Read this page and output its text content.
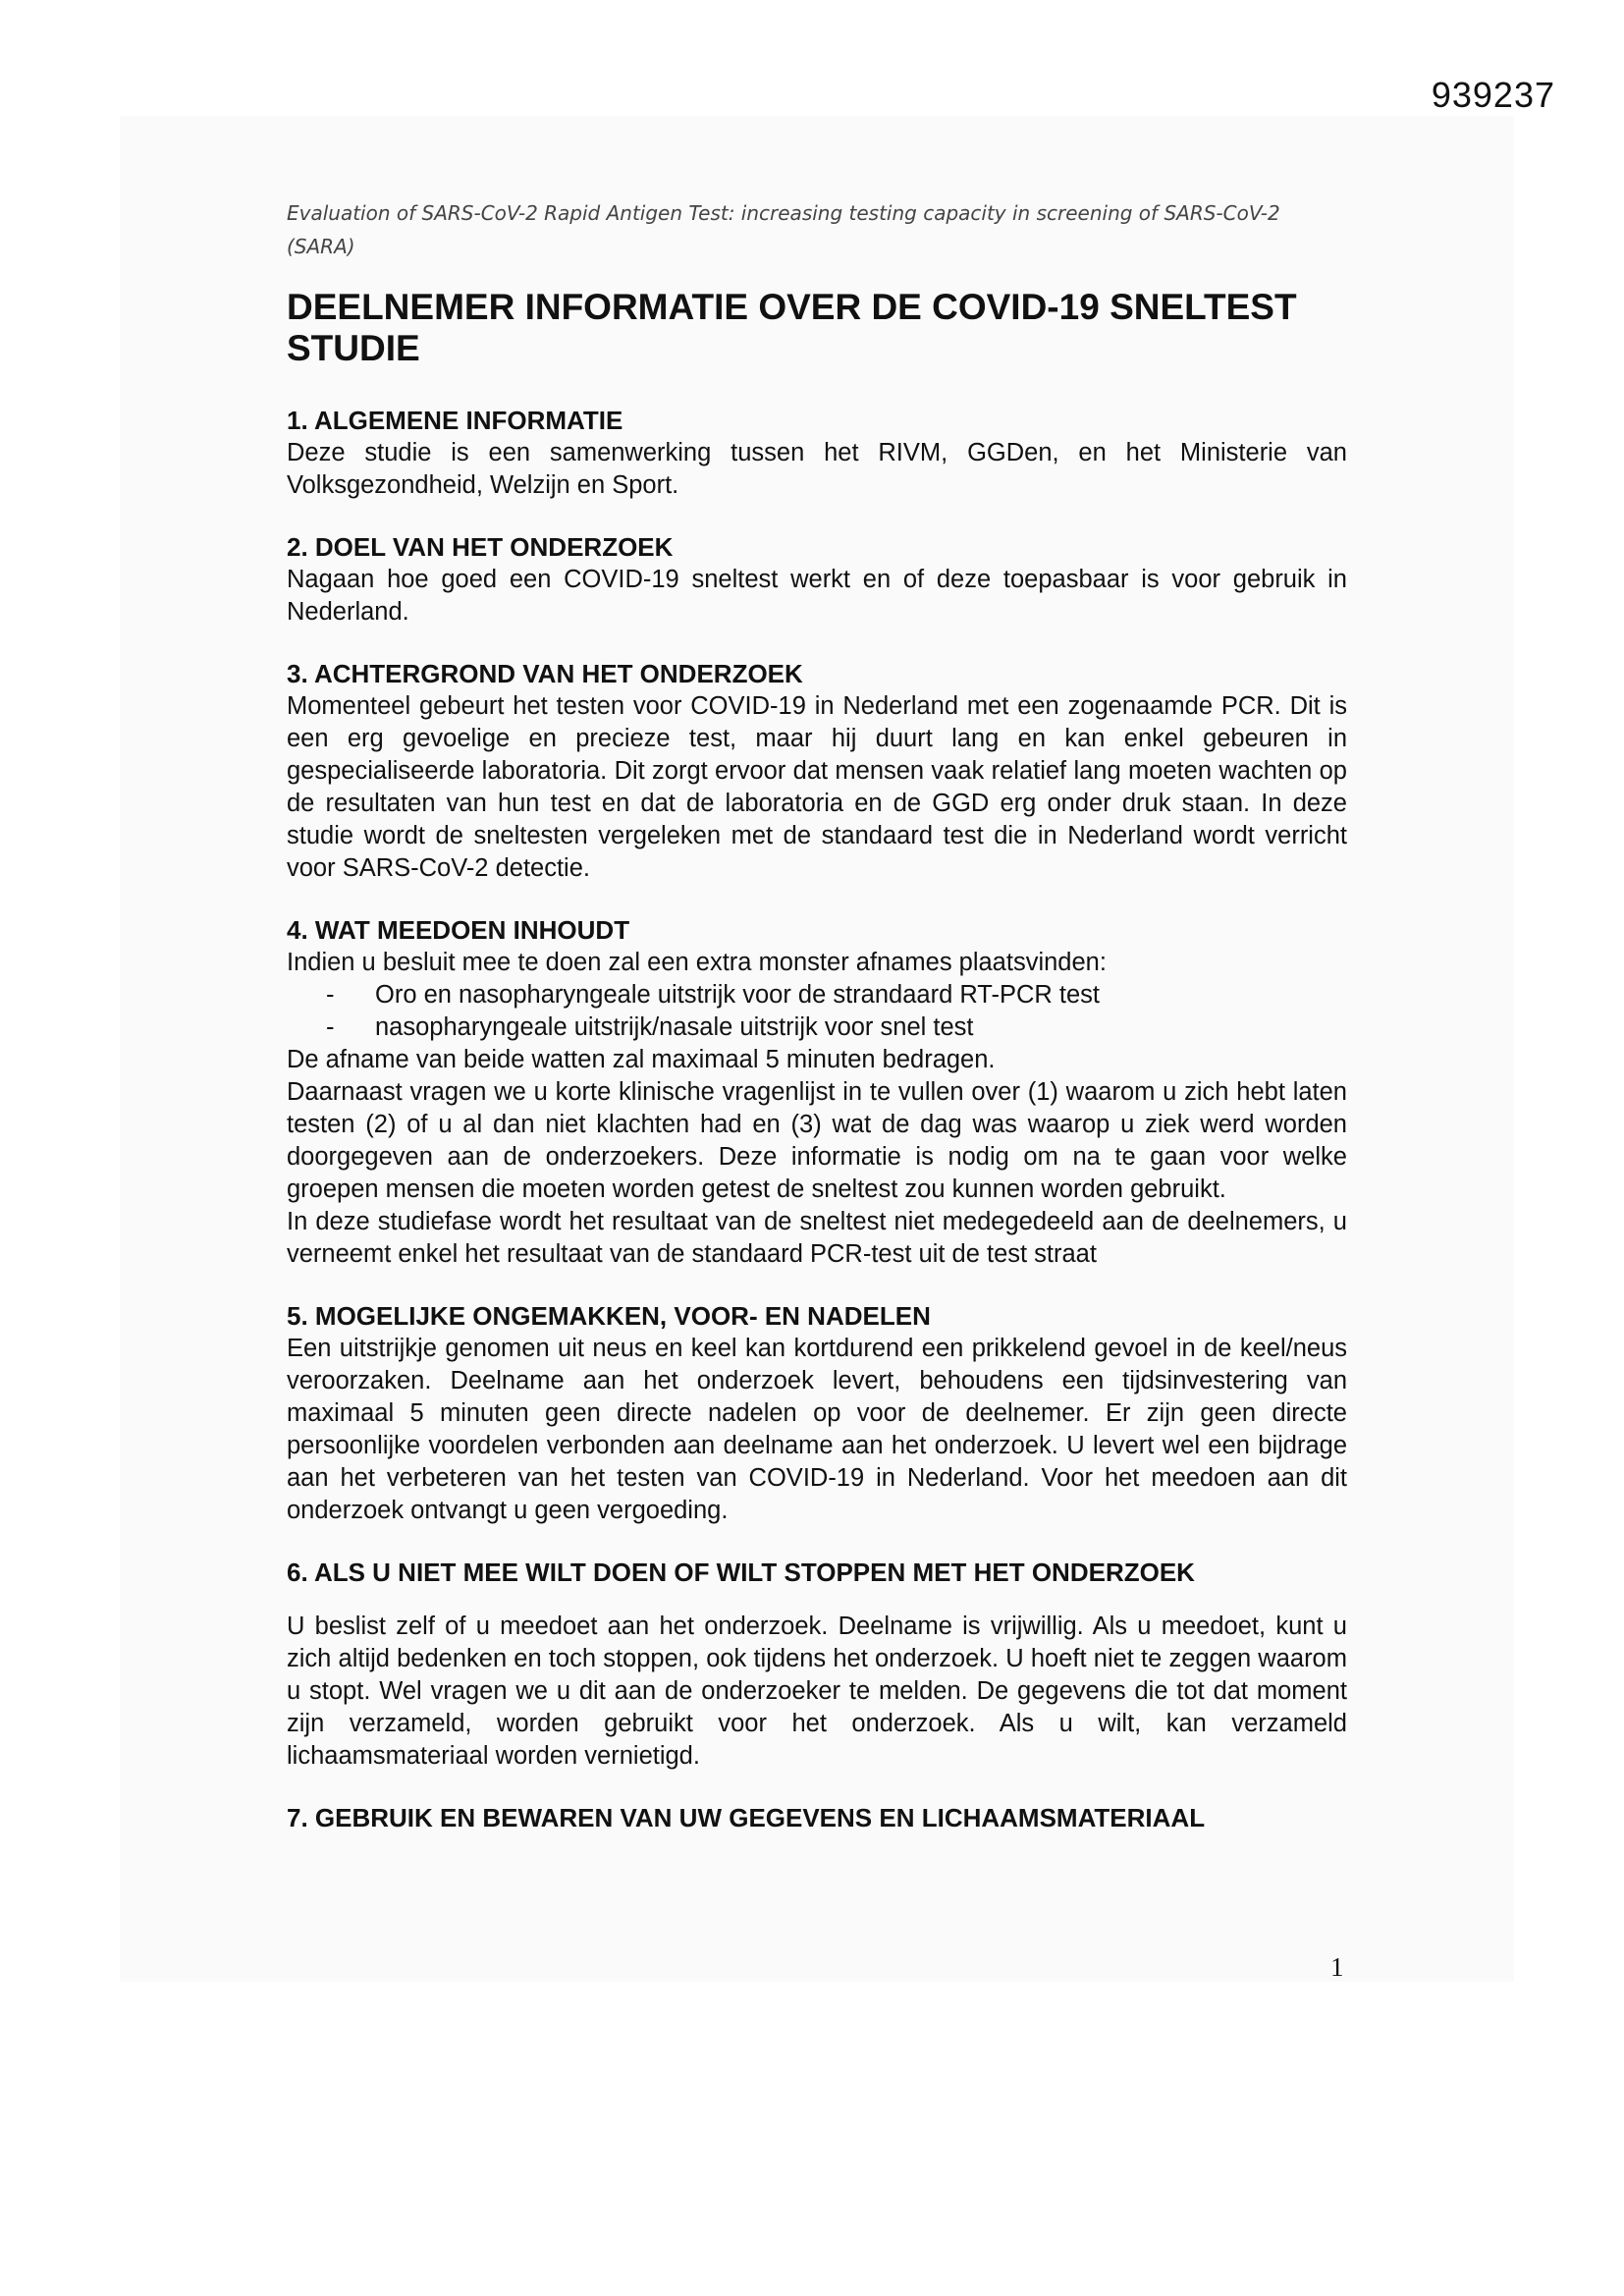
939237

Evaluation of SARS-CoV-2 Rapid Antigen Test: increasing testing capacity in screening of SARS-CoV-2 (SARA)

DEELNEMER INFORMATIE OVER DE COVID-19 SNELTEST STUDIE
1. ALGEMENE INFORMATIE

Deze studie is een samenwerking tussen het RIVM, GGDen, en het Ministerie van Volksgezondheid, Welzijn en Sport.

2. DOEL VAN HET ONDERZOEK

Nagaan hoe goed een COVID-19 sneltest werkt en of deze toepasbaar is voor gebruik in Nederland.

3. ACHTERGROND VAN HET ONDERZOEK

Momenteel gebeurt het testen voor COVID-19 in Nederland met een zogenaamde PCR. Dit is een erg gevoelige en precieze test, maar hij duurt lang en kan enkel gebeuren in gespecialiseerde laboratoria. Dit zorgt ervoor dat mensen vaak relatief lang moeten wachten op de resultaten van hun test en dat de laboratoria en de GGD erg onder druk staan. In deze studie wordt de sneltesten vergeleken met de standaard test die in Nederland wordt verricht voor SARS-CoV-2 detectie.

4. WAT MEEDOEN INHOUDT

Indien u besluit mee te doen zal een extra monster afnames plaatsvinden:

-	Oro en nasopharyngeale uitstrijk voor de strandaard RT-PCR test
-	nasopharyngeale uitstrijk/nasale uitstrijk voor snel test

De afname van beide watten zal maximaal 5 minuten bedragen.

Daarnaast vragen we u korte klinische vragenlijst in te vullen over (1) waarom u zich hebt laten testen (2) of u al dan niet klachten had en (3) wat de dag was waarop u ziek werd worden doorgegeven aan de onderzoekers. Deze informatie is nodig om na te gaan voor welke groepen mensen die moeten worden getest de sneltest zou kunnen worden gebruikt.

In deze studiefase wordt het resultaat van de sneltest niet medegedeeld aan de deelnemers, u verneemt enkel het resultaat van de standaard PCR-test uit de test straat

5. MOGELIJKE ONGEMAKKEN, VOOR- EN NADELEN

Een uitstrijkje genomen uit neus en keel kan kortdurend een prikkelend gevoel in de keel/neus veroorzaken. Deelname aan het onderzoek levert, behoudens een tijdsinvestering van maximaal 5 minuten geen directe nadelen op voor de deelnemer. Er zijn geen directe persoonlijke voordelen verbonden aan deelname aan het onderzoek. U levert wel een bijdrage aan het verbeteren van het testen van COVID-19 in Nederland. Voor het meedoen aan dit onderzoek ontvangt u geen vergoeding.

6. ALS U NIET MEE WILT DOEN OF WILT STOPPEN MET HET ONDERZOEK

U beslist zelf of u meedoet aan het onderzoek. Deelname is vrijwillig. Als u meedoet, kunt u zich altijd bedenken en toch stoppen, ook tijdens het onderzoek. U hoeft niet te zeggen waarom u stopt. Wel vragen we u dit aan de onderzoeker te melden. De gegevens die tot dat moment zijn verzameld, worden gebruikt voor het onderzoek. Als u wilt, kan verzameld lichaamsmateriaal worden vernietigd.

7. GEBRUIK EN BEWAREN VAN UW GEGEVENS EN LICHAAMSMATERIAAL
1
